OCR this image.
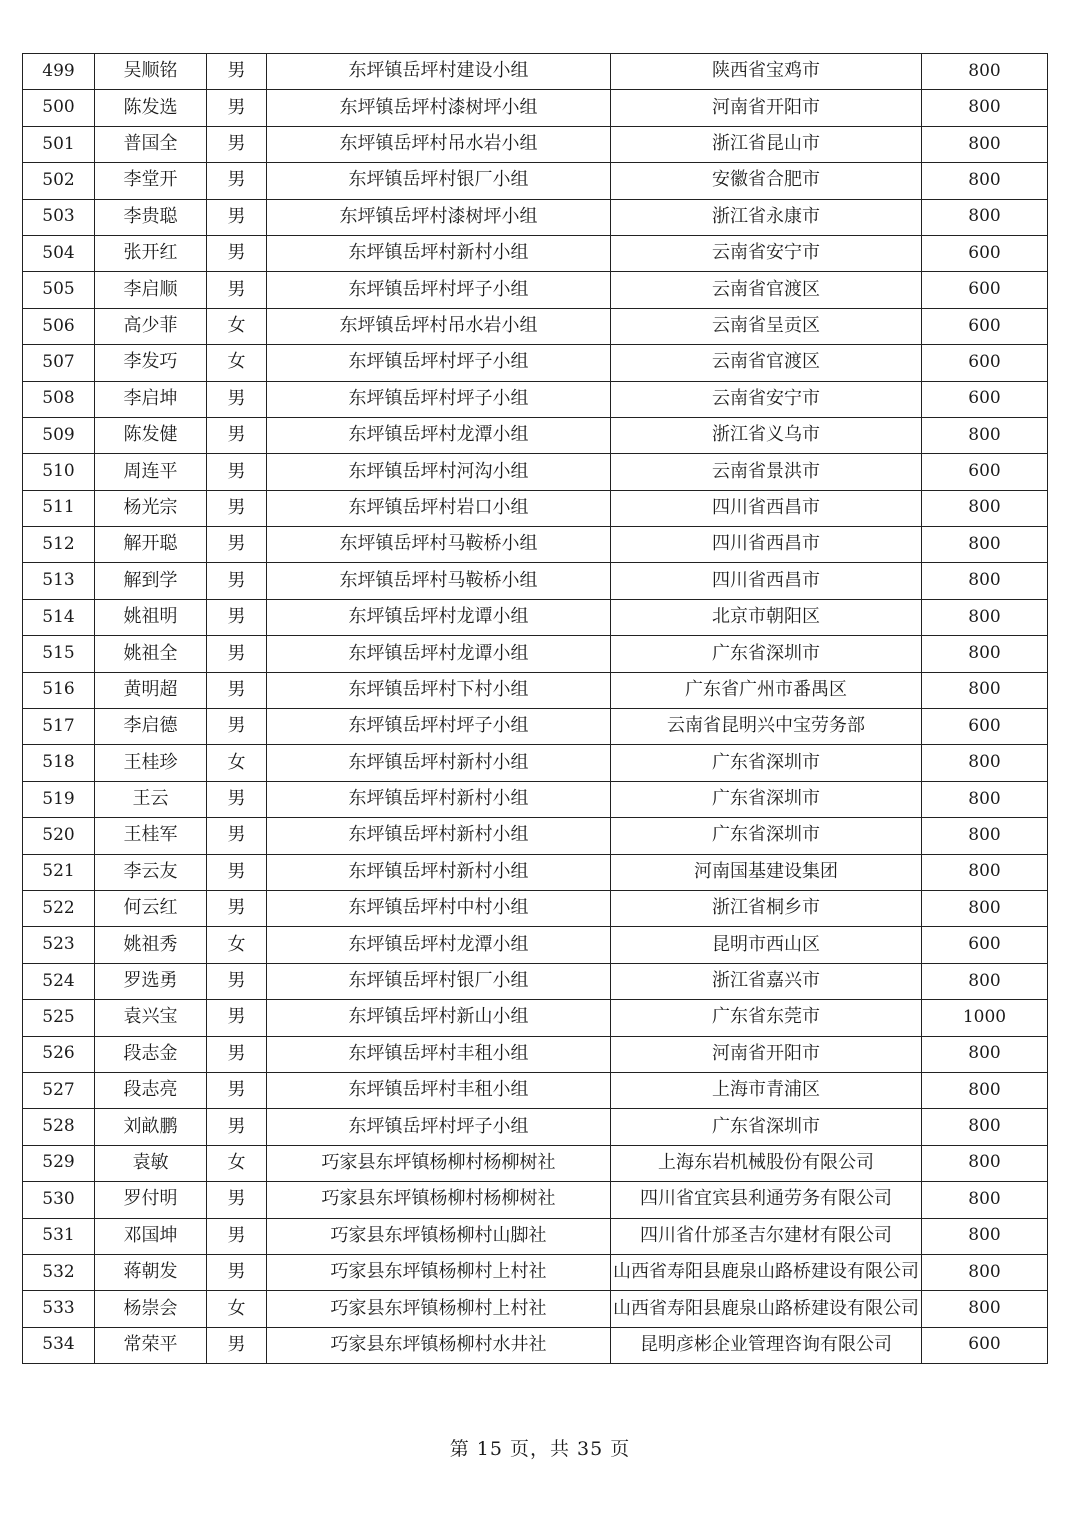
499	吴顺铭	男	东坪镇岳坪村建设小组	陕西省宝鸡市	800
500	陈发选	男	东坪镇岳坪村漆树坪小组	河南省开阳市	800
501	普国全	男	东坪镇岳坪村吊水岩小组	浙江省昆山市	800
502	李堂开	男	东坪镇岳坪村银厂小组	安徽省合肥市	800
503	李贵聪	男	东坪镇岳坪村漆树坪小组	浙江省永康市	800
504	张开红	男	东坪镇岳坪村新村小组	云南省安宁市	600
505	李启顺	男	东坪镇岳坪村坪子小组	云南省官渡区	600
506	高少菲	女	东坪镇岳坪村吊水岩小组	云南省呈贡区	600
507	李发巧	女	东坪镇岳坪村坪子小组	云南省官渡区	600
508	李启坤	男	东坪镇岳坪村坪子小组	云南省安宁市	600
509	陈发健	男	东坪镇岳坪村龙潭小组	浙江省义乌市	800
510	周连平	男	东坪镇岳坪村河沟小组	云南省景洪市	600
511	杨光宗	男	东坪镇岳坪村岩口小组	四川省西昌市	800
512	解开聪	男	东坪镇岳坪村马鞍桥小组	四川省西昌市	800
513	解到学	男	东坪镇岳坪村马鞍桥小组	四川省西昌市	800
514	姚祖明	男	东坪镇岳坪村龙谭小组	北京市朝阳区	800
515	姚祖全	男	东坪镇岳坪村龙谭小组	广东省深圳市	800
516	黄明超	男	东坪镇岳坪村下村小组	广东省广州市番禺区	800
517	李启德	男	东坪镇岳坪村坪子小组	云南省昆明兴中宝劳务部	600
518	王桂珍	女	东坪镇岳坪村新村小组	广东省深圳市	800
519	王云	男	东坪镇岳坪村新村小组	广东省深圳市	800
520	王桂军	男	东坪镇岳坪村新村小组	广东省深圳市	800
521	李云友	男	东坪镇岳坪村新村小组	河南国基建设集团	800
522	何云红	男	东坪镇岳坪村中村小组	浙江省桐乡市	800
523	姚祖秀	女	东坪镇岳坪村龙潭小组	昆明市西山区	600
524	罗选勇	男	东坪镇岳坪村银厂小组	浙江省嘉兴市	800
525	袁兴宝	男	东坪镇岳坪村新山小组	广东省东莞市	1000
526	段志金	男	东坪镇岳坪村丰租小组	河南省开阳市	800
527	段志亮	男	东坪镇岳坪村丰租小组	上海市青浦区	800
528	刘畝鹏	男	东坪镇岳坪村坪子小组	广东省深圳市	800
529	袁敏	女	巧家县东坪镇杨柳村杨柳树社	上海东岩机械股份有限公司	800
530	罗付明	男	巧家县东坪镇杨柳村杨柳树社	四川省宜宾县利通劳务有限公司	800
531	邓国坤	男	巧家县东坪镇杨柳村山脚社	四川省什邡圣吉尔建材有限公司	800
532	蒋朝发	男	巧家县东坪镇杨柳村上村社	山西省寿阳县鹿泉山路桥建设有限公司	800
533	杨崇会	女	巧家县东坪镇杨柳村上村社	山西省寿阳县鹿泉山路桥建设有限公司	800
534	常荣平	男	巧家县东坪镇杨柳村水井社	昆明彦彬企业管理咨询有限公司	600
第 15 页，共 35 页
